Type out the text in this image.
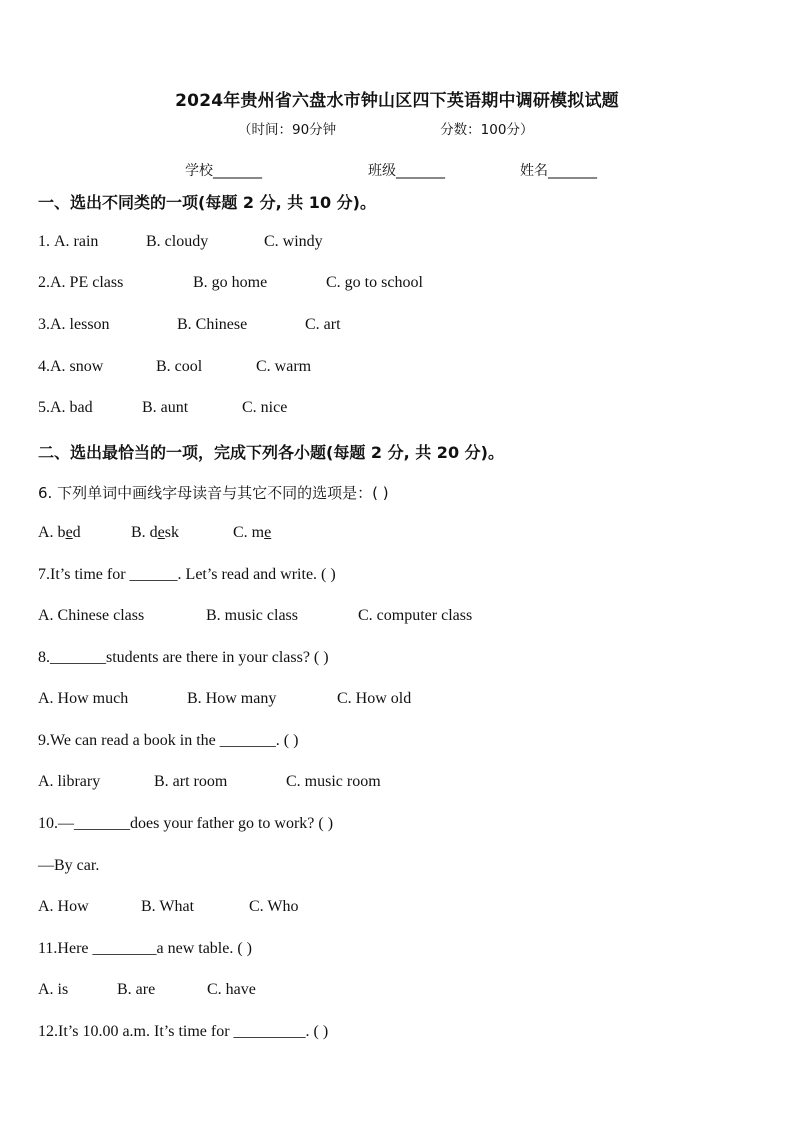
2024年贵州省六盘水市钟山区四下英语期中调研模拟试题
（时间：90分钟	分数：100分）
学校_______	班级_______	姓名_______
一、选出不同类的一项(每题 2 分, 共 10 分)。
1. A. rain	B. cloudy	C. windy
2.A. PE class	B. go home	C. go to school
3.A. lesson	B. Chinese	C. art
4.A. snow	B. cool	C. warm
5.A. bad	B. aunt	C. nice
二、选出最恰当的一项，完成下列各小题(每题 2 分, 共 20 分)。
6. 下列单词中画线字母读音与其它不同的选项是：( )
A. bed	B. desk	C. me
7.It’s time for ______. Let’s read and write. ( )
A. Chinese class	B. music class	C. computer class
8._______students are there in your class? ( )
A. How much	B. How many	C. How old
9.We can read a book in the _______. ( )
A. library	B. art room	C. music room
10.—_______does your father go to work? ( )
—By car.
A. How	B. What	C. Who
11.Here ________a new table. ( )
A. is	B. are	C. have
12.It’s 10.00 a.m. It’s time for _________. ( )
